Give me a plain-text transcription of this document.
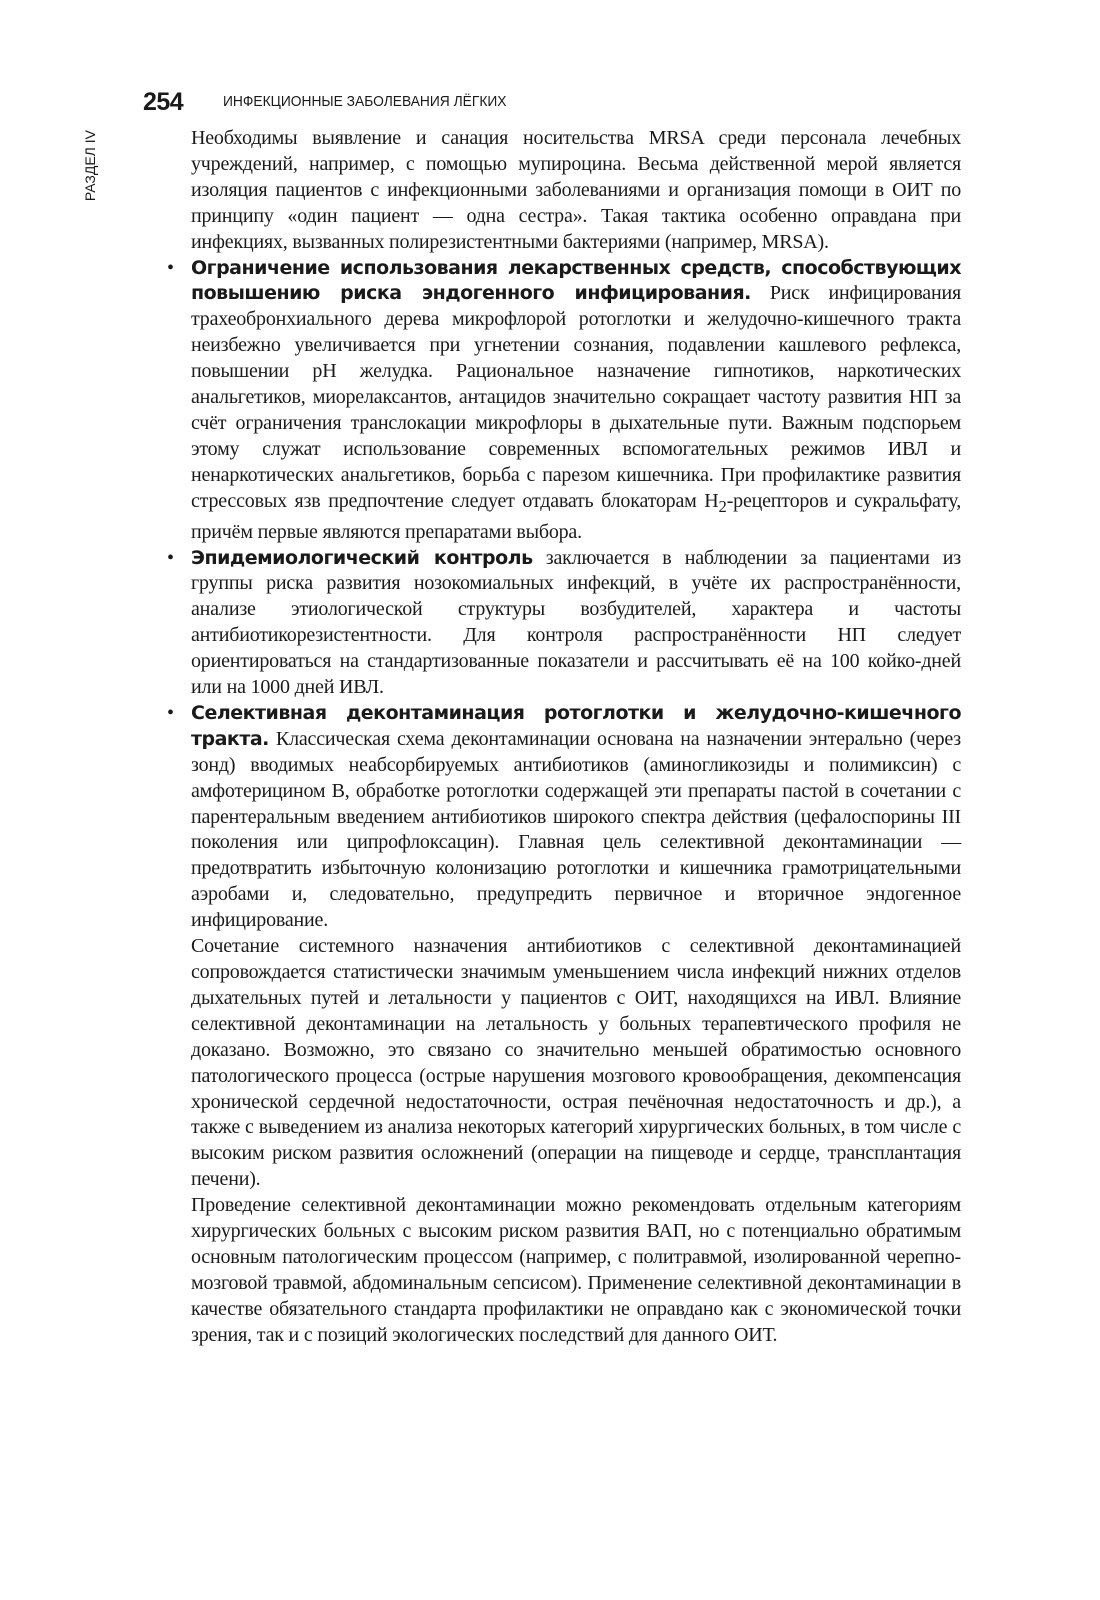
254	ИНФЕКЦИОННЫЕ ЗАБОЛЕВАНИЯ ЛЁГКИХ
РАЗДЕЛ IV	Необходимы выявление и санация носительства MRSA среди персонала лечебных учреждений, например, с помощью мупироцина. Весьма действенной мерой является изоляция пациентов с инфекционными заболеваниями и организация помощи в ОИТ по принципу «один пациент — одна сестра». Такая тактика особенно оправдана при инфекциях, вызванных полирезистентными бактериями (например, MRSA).

• Ограничение использования лекарственных средств, способствующих повышению риска эндогенного инфицирования. Риск инфицирования трахеобронхиального дерева микрофлорой ротоглотки и желудочно-кишечного тракта неизбежно увеличивается при угнетении сознания, подавлении кашлевого рефлекса, повышении pH желудка. Рациональное назначение гипнотиков, наркотических анальгетиков, миорелаксантов, антацидов значительно сокращает частоту развития НП за счёт ограничения транслокации микрофлоры в дыхательные пути. Важным подспорьем этому служат использование современных вспомогательных режимов ИВЛ и ненаркотических анальгетиков, борьба с парезом кишечника. При профилактике развития стрессовых язв предпочтение следует отдавать блокаторам $H_2$-рецепторов и сукральфату, причём первые являются препаратами выбора.

• Эпидемиологический контроль заключается в наблюдении за пациентами из группы риска развития нозокомиальных инфекций, в учёте их распространённости, анализе этиологической структуры возбудителей, характера и частоты антибиотикорезистентности. Для контроля распространённости НП следует ориентироваться на стандартизованные показатели и рассчитывать её на 100 койко-дней или на 1000 дней ИВЛ.

• Селективная деконтаминация ротоглотки и желудочно-кишечного тракта. Классическая схема деконтаминации основана на назначении энтерально (через зонд) вводимых неабсорбируемых антибиотиков (аминогликозиды и полимиксин) с амфотерицином B, обработке ротоглотки содержащей эти препараты пастой в сочетании с парентеральным введением антибиотиков широкого спектра действия (цефалоспорины III поколения или ципрофлоксацин). Главная цель селективной деконтаминации — предотвратить избыточную колонизацию ротоглотки и кишечника грамотрицательными аэробами и, следовательно, предупредить первичное и вторичное эндогенное инфицирование.

Сочетание системного назначения антибиотиков с селективной деконтаминацией сопровождается статистически значимым уменьшением числа инфекций нижних отделов дыхательных путей и летальности у пациентов с ОИТ, находящихся на ИВЛ. Влияние селективной деконтаминации на летальность у больных терапевтического профиля не доказано. Возможно, это связано со значительно меньшей обратимостью основного патологического процесса (острые нарушения мозгового кровообращения, декомпенсация хронической сердечной недостаточности, острая печёночная недостаточность и др.), а также с выведением из анализа некоторых категорий хирургических больных, в том числе с высоким риском развития осложнений (операции на пищеводе и сердце, трансплантация печени).

Проведение селективной деконтаминации можно рекомендовать отдельным категориям хирургических больных с высоким риском развития ВАП, но с потенциально обратимым основным патологическим процессом (например, с политравмой, изолированной черепно-мозговой травмой, абдоминальным сепсисом). Применение селективной деконтаминации в качестве обязательного стандарта профилактики не оправдано как с экономической точки зрения, так и с позиций экологических последствий для данного ОИТ.
